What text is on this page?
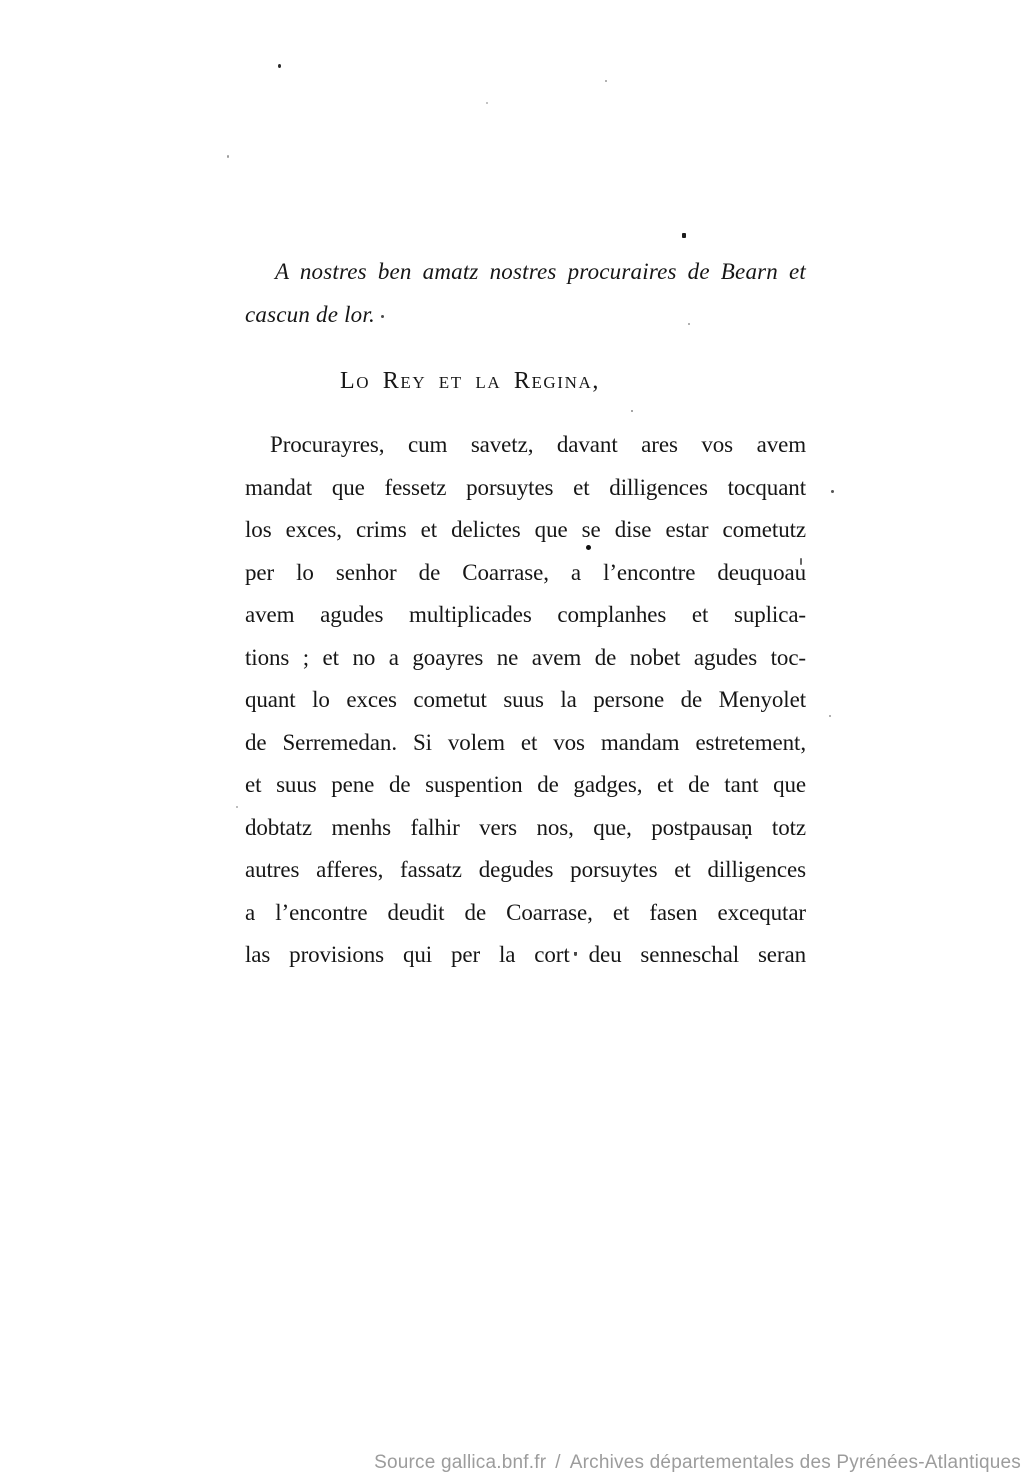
A nostres ben amatz nostres procuraires de Bearn et
cascun de lor.
Lo Rey et la Regina,
Procurayres, cum savetz, davant ares vos avem
mandat que fessetz porsuytes et dilligences tocquant
los exces, crims et delictes que se dise estar cometutz
per lo senhor de Coarrase, a l’encontre deuquoau
avem agudes multiplicades complanhes et suplica-
tions ; et no a goayres ne avem de nobet agudes toc-
quant lo exces cometut suus la persone de Menyolet
de Serremedan. Si volem et vos mandam estretement,
et suus pene de suspention de gadges, et de tant que
dobtatz menhs falhir vers nos, que, postpausan totz
autres afferes, fassatz degudes porsuytes et dilligences
a l’encontre deudit de Coarrase, et fasen excequtar
las provisions qui per la cort deu senneschal seran
Source gallica.bnf.fr / Archives départementales des Pyrénées-Atlantiques
